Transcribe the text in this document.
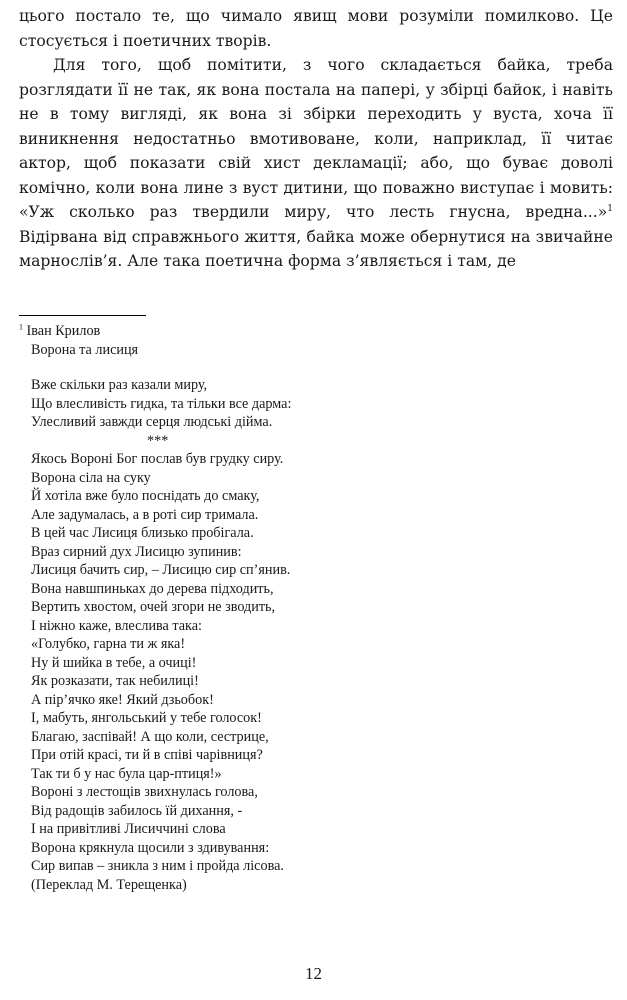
цього постало те, що чимало явищ мови розуміли помилково. Це стосується і поетичних творів.

Для того, щоб помітити, з чого складається байка, треба розглядати її не так, як вона постала на папері, у збірці байок, і навіть не в тому вигляді, як вона зі збірки переходить у вуста, хоча її виникнення недостатньо вмотивоване, коли, наприклад, її читає актор, щоб показати свій хист декламації; або, що буває доволі комічно, коли вона лине з вуст дитини, що поважно виступає і мовить: «Уж сколько раз твердили миру, что лесть гнусна, вредна...»$^1$ Відірвана від справжнього життя, байка може обернутися на звичайне марнослів’я. Але така поетична форма з’являється і там, де

$^1$ Іван Крилов
Ворона та лисиця
Вже скільки раз казали миру,
Що влесливість гидка, та тільки все дарма:
Улесливий завжди серця людські дійма.
***
Якось Вороні Бог послав був грудку сиру.
Ворона сіла на суку
Й хотіла вже було поснідать до смаку,
Але задумалась, а в роті сир тримала.
В цей час Лисиця близько пробігала.
Враз сирний дух Лисицю зупинив:
Лисиця бачить сир, – Лисицю сир сп’янив.
Вона навшпиньках до дерева підходить,
Вертить хвостом, очей згори не зводить,
І ніжно каже, влеслива така:
«Голубко, гарна ти ж яка!
Ну й шийка в тебе, а очиці!
Як розказати, так небилиці!
А пір’ячко яке! Який дзьобок!
І, мабуть, янгольський у тебе голосок!
Благаю, заспівай! А що коли, сестрице,
При отій красі, ти й в співі чарівниця?
Так ти б у нас була цар-птиця!»
Вороні з лестощів звихнулась голова,
Від радощів забилось їй дихання, -
І на привітливі Лисиччині слова
Ворона крякнула щосили з здивування:
Сир випав – зникла з ним і пройда лісова.
(Переклад М. Терещенка)
12
